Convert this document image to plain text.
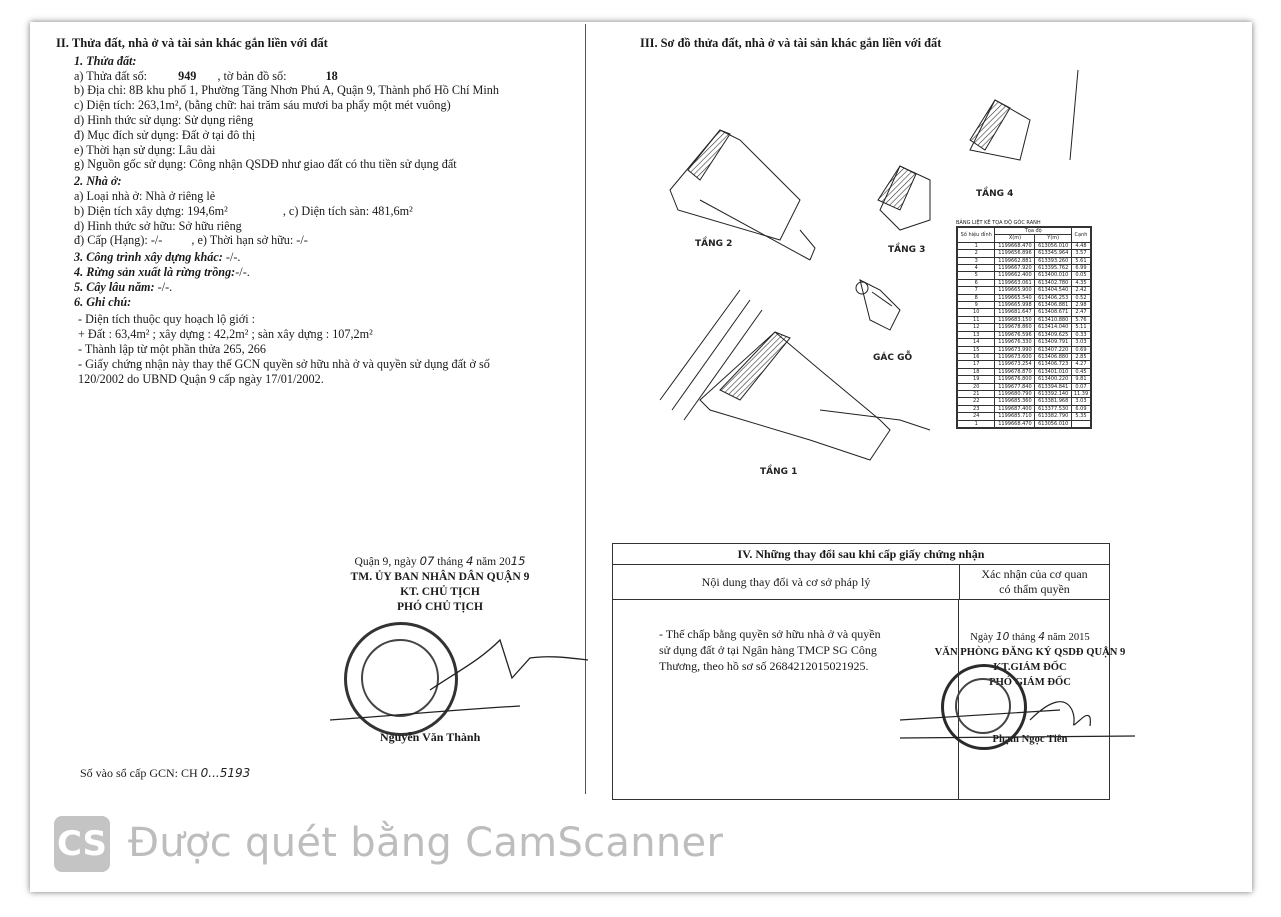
II. Thửa đất, nhà ở và tài sản khác gắn liền với đất
1. Thửa đất:
a) Thửa đất số:	949 , tờ bản đồ số:	18
b) Địa chỉ: 8B khu phố 1, Phường Tăng Nhơn Phú A, Quận 9, Thành phố Hồ Chí Minh
c) Diện tích: 263,1m², (bằng chữ: hai trăm sáu mươi ba phẩy một mét vuông)
d) Hình thức sử dụng: Sử dụng riêng
đ) Mục đích sử dụng: Đất ở tại đô thị
e) Thời hạn sử dụng: Lâu dài
g) Nguồn gốc sử dụng: Công nhận QSDĐ như giao đất có thu tiền sử dụng đất
2. Nhà ở:
a) Loại nhà ở: Nhà ở riêng lẻ
b) Diện tích xây dựng: 194,6m²	, c) Diện tích sàn: 481,6m²
d) Hình thức sở hữu: Sở hữu riêng
đ) Cấp (Hạng): -/- , e) Thời hạn sở hữu: -/-
3. Công trình xây dựng khác: -/-.
4. Rừng sản xuất là rừng trồng:-/-.
5. Cây lâu năm: -/-.
6. Ghi chú:
- Diện tích thuộc quy hoạch lộ giới :
+ Đất : 63,4m² ; xây dựng : 42,2m² ; sàn xây dựng : 107,2m²
- Thành lập từ một phần thửa 265, 266
- Giấy chứng nhận này thay thế GCN quyền sở hữu nhà ở và quyền sử dụng đất ở số
120/2002 do UBND Quận 9 cấp ngày 17/01/2002.
Quận 9, ngày 07 tháng 4 năm 2015
TM. ỦY BAN NHÂN DÂN QUẬN 9
KT. CHỦ TỊCH
PHÓ CHỦ TỊCH
Nguyễn Văn Thành
Số vào sổ cấp GCN: CH 0...5193
III. Sơ đồ thửa đất, nhà ở và tài sản khác gắn liền với đất
TẦNG 2
TẦNG 3
TẦNG 4
GÁC GỖ
TẦNG 1
BẢNG LIỆT KÊ TỌA ĐỘ GÓC RANH
Số hiệu đỉnh	Tọa độ		Cạnh
	X(m)	Y(m)	
1	1199668.470	613056.010	4.48
2	1199656.896	613345.964	3.57
3	1199662.881	613393.260	5.61
4	1199667.920	613395.762	6.99
5	1199662.400	613400.010	0.05
6	1199663.061	613402.780	4.35
7	1199665.900	613404.540	2.42
8	1199665.540	613406.253	0.52
9	1199665.998	613406.881	2.98
10	1199681.647	613408.671	2.47
11	1199683.150	613410.880	5.76
12	1199678.860	613414.040	5.11
13	1199676.596	613409.625	0.33
14	1199676.330	613409.791	3.03
15	1199673.990	613407.220	0.69
16	1199673.600	613406.880	2.85
17	1199673.254	613406.723	4.27
18	1199678.870	613401.010	0.45
19	1199676.800	613400.220	9.81
20	1199677.840	613394.841	0.07
21	1199680.790	613392.140	11.39
22	1199685.360	613381.968	3.03
23	1199687.400	613377.530	6.09
24	1199685.710	613382.790	5.35
1	1199668.470	613056.010	
IV. Những thay đổi sau khi cấp giấy chứng nhận
Nội dung thay đổi và cơ sở pháp lý
Xác nhận của cơ quan
có thẩm quyền
- Thế chấp bằng quyền sở hữu nhà ở và quyền
sử dụng đất ở tại Ngân hàng TMCP SG Công
Thương, theo hồ sơ số 2684212015021925.
Ngày 10 tháng 4 năm 2015
VĂN PHÒNG ĐĂNG KÝ QSDĐ QUẬN 9
KT.GIÁM ĐỐC
PHÓ GIÁM ĐỐC
Phạm Ngọc Tiên
CS Được quét bằng CamScanner
